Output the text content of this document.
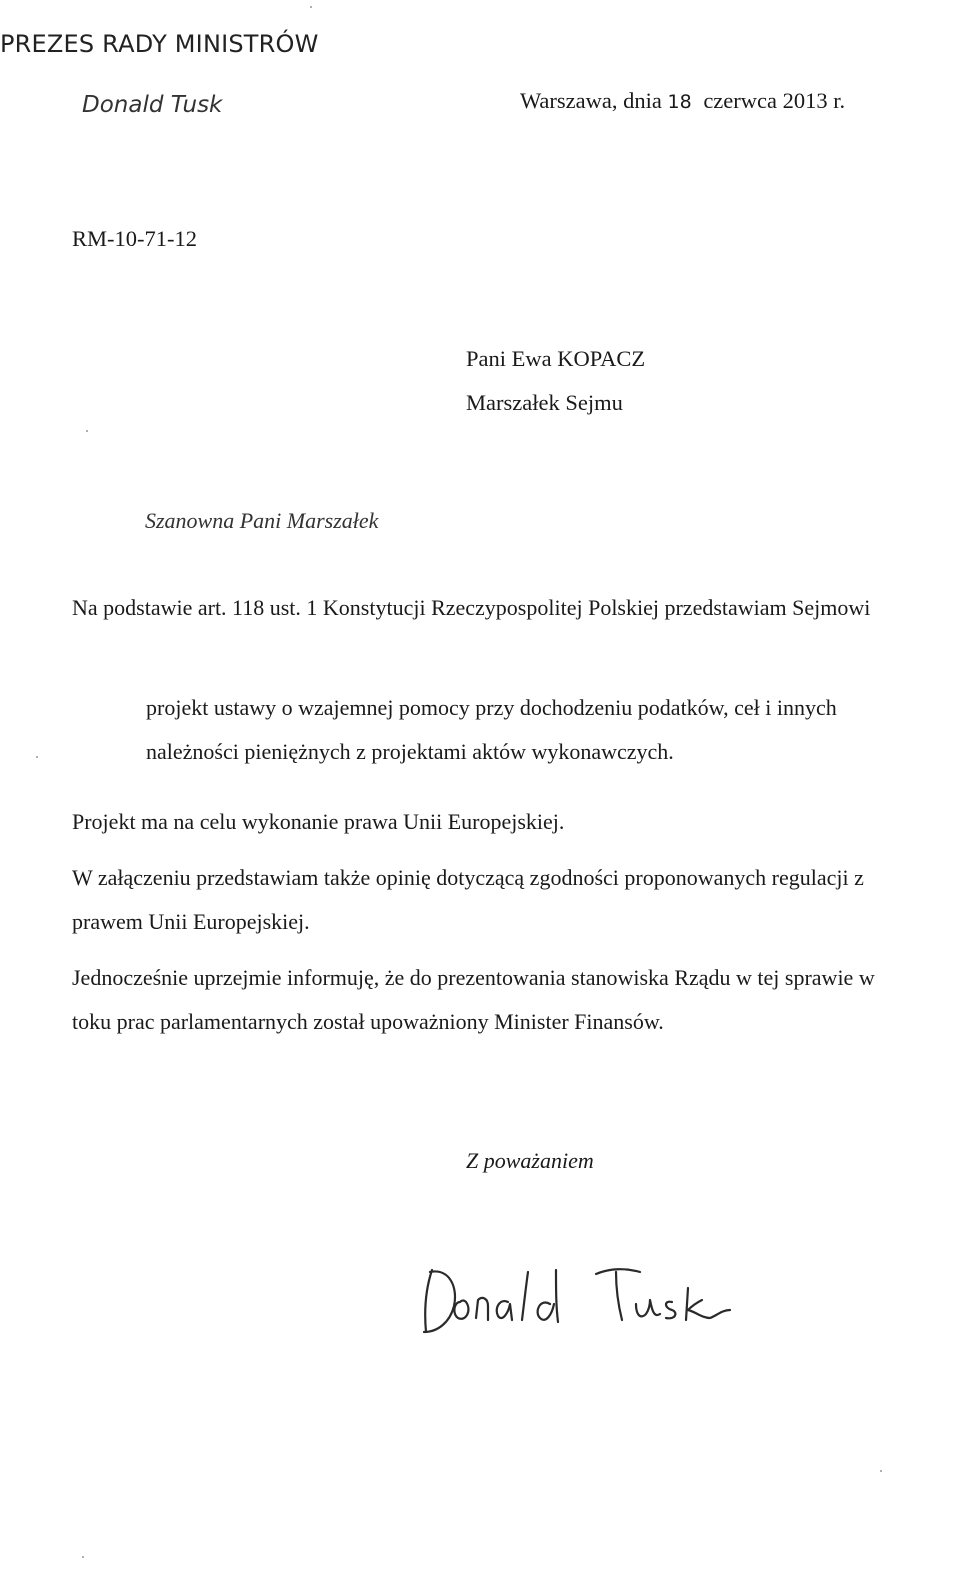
PREZES RADY MINISTRÓW
Donald Tusk	Warszawa, dnia 18 czerwca 2013 r.
RM-10-71-12
Pani Ewa KOPACZ
Marszałek Sejmu
Szanowna Pani Marszałek
Na podstawie art. 118 ust. 1 Konstytucji Rzeczypospolitej Polskiej przedstawiam Sejmowi
projekt ustawy o wzajemnej pomocy przy dochodzeniu podatków, ceł i innych należności pieniężnych z projektami aktów wykonawczych.
Projekt ma na celu wykonanie prawa Unii Europejskiej.
W załączeniu przedstawiam także opinię dotyczącą zgodności proponowanych regulacji z prawem Unii Europejskiej.
Jednocześnie uprzejmie informuję, że do prezentowania stanowiska Rządu w tej sprawie w toku prac parlamentarnych został upoważniony Minister Finansów.
Z poważaniem
